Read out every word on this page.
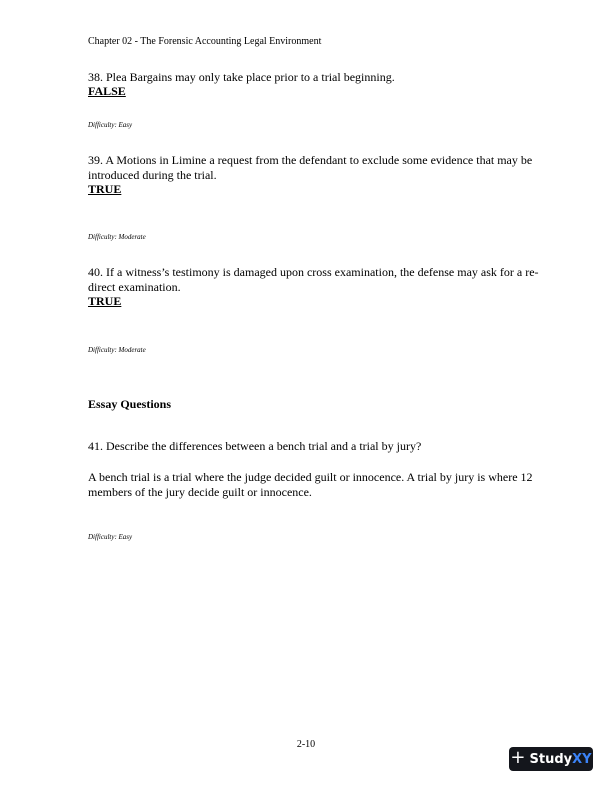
Chapter 02 - The Forensic Accounting Legal Environment
38. Plea Bargains may only take place prior to a trial beginning.
FALSE
Difficulty: Easy
39. A Motions in Limine a request from the defendant to exclude some evidence that may be
introduced during the trial.
TRUE
Difficulty: Moderate
40. If a witness’s testimony is damaged upon cross examination, the defense may ask for a re-
direct examination.
TRUE
Difficulty: Moderate
Essay Questions
41. Describe the differences between a bench trial and a trial by jury?
A bench trial is a trial where the judge decided guilt or innocence. A trial by jury is where 12
members of the jury decide guilt or innocence.
Difficulty: Easy
2-10
+ StudyXY
